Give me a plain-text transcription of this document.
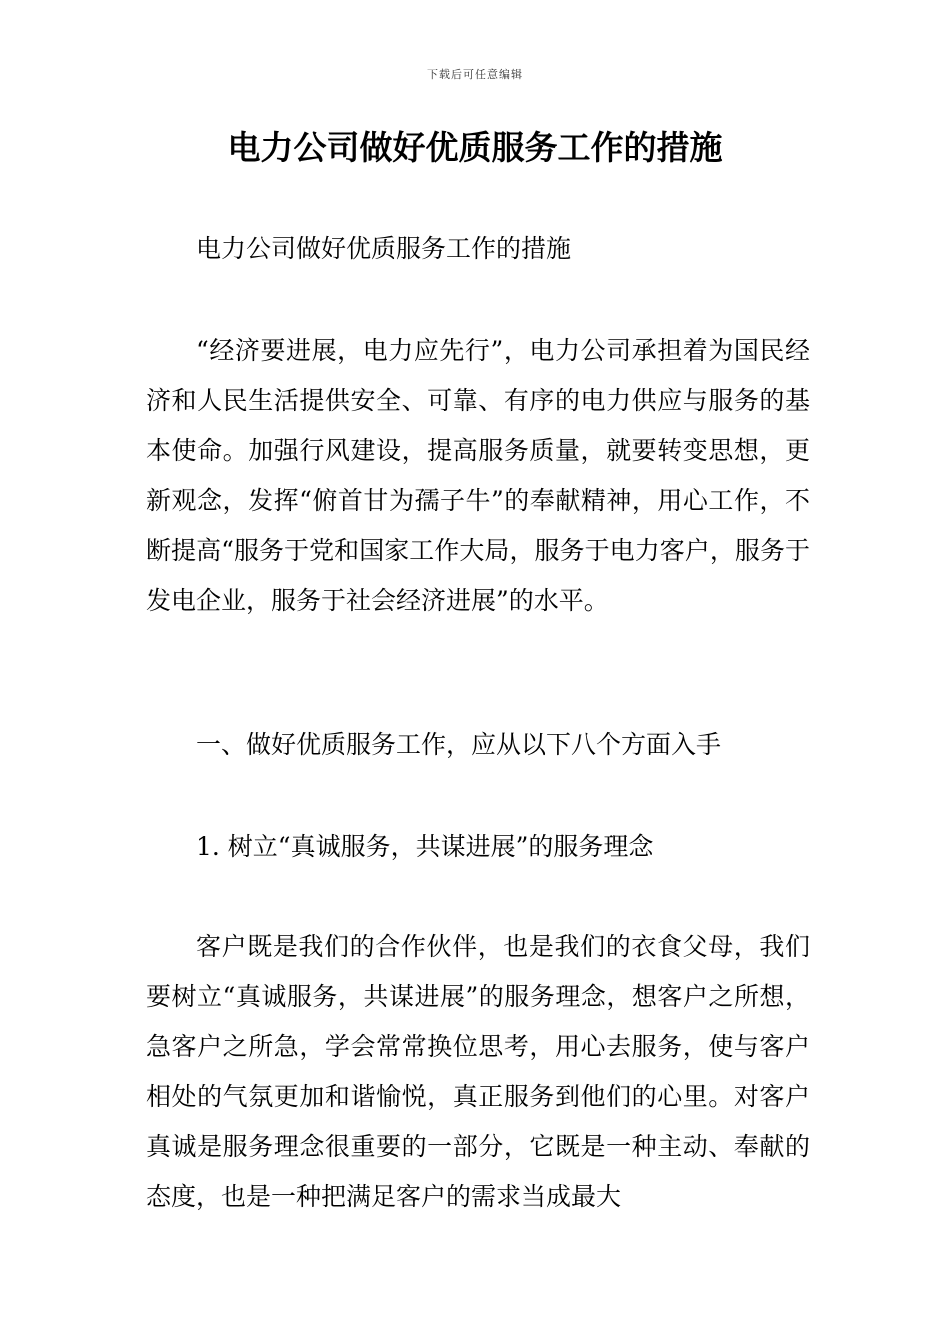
下载后可任意编辑
电力公司做好优质服务工作的措施

电力公司做好优质服务工作的措施

“经济要进展，电力应先行”，电力公司承担着为国民经济和人民生活提供安全、可靠、有序的电力供应与服务的基本使命。加强行风建设，提高服务质量，就要转变思想，更新观念，发挥“俯首甘为孺子牛”的奉献精神，用心工作，不断提高“服务于党和国家工作大局，服务于电力客户，服务于发电企业，服务于社会经济进展”的水平。

一、做好优质服务工作，应从以下八个方面入手

1. 树立“真诚服务，共谋进展”的服务理念

客户既是我们的合作伙伴，也是我们的衣食父母，我们要树立“真诚服务，共谋进展”的服务理念，想客户之所想，急客户之所急，学会常常换位思考，用心去服务，使与客户相处的气氛更加和谐愉悦，真正服务到他们的心里。对客户真诚是服务理念很重要的一部分，它既是一种主动、奉献的态度，也是一种把满足客户的需求当成最大
